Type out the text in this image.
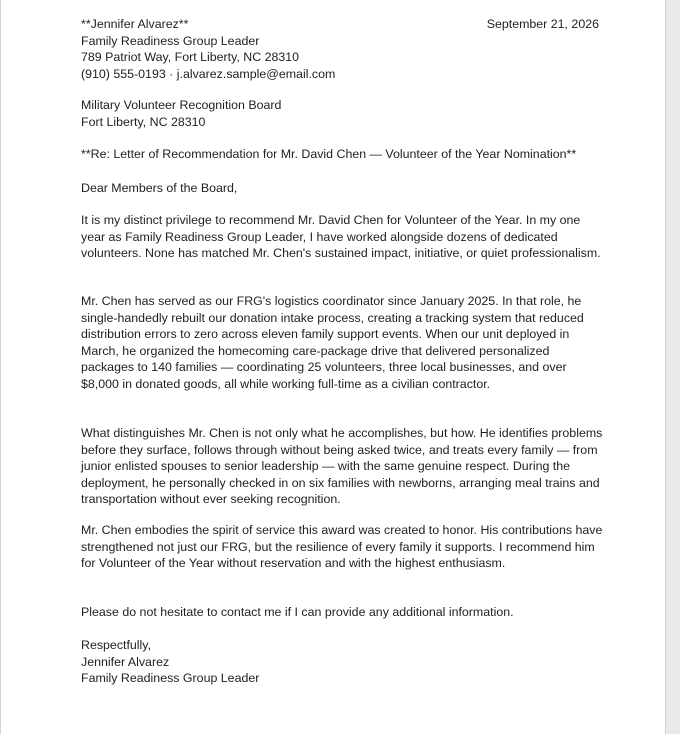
September 21, 2026
**Jennifer Alvarez**
Family Readiness Group Leader
789 Patriot Way, Fort Liberty, NC 28310
(910) 555-0193 · j.alvarez.sample@email.com
Military Volunteer Recognition Board
Fort Liberty, NC 28310
**Re: Letter of Recommendation for Mr. David Chen — Volunteer of the Year Nomination**
Dear Members of the Board,

It is my distinct privilege to recommend Mr. David Chen for Volunteer of the Year. In my one year as Family Readiness Group Leader, I have worked alongside dozens of dedicated volunteers. None has matched Mr. Chen's sustained impact, initiative, or quiet professionalism.

Mr. Chen has served as our FRG's logistics coordinator since January 2025. In that role, he single-handedly rebuilt our donation intake process, creating a tracking system that reduced distribution errors to zero across eleven family support events. When our unit deployed in March, he organized the homecoming care-package drive that delivered personalized packages to 140 families — coordinating 25 volunteers, three local businesses, and over $8,000 in donated goods, all while working full-time as a civilian contractor.

What distinguishes Mr. Chen is not only what he accomplishes, but how. He identifies problems before they surface, follows through without being asked twice, and treats every family — from junior enlisted spouses to senior leadership — with the same genuine respect. During the deployment, he personally checked in on six families with newborns, arranging meal trains and transportation without ever seeking recognition.

Mr. Chen embodies the spirit of service this award was created to honor. His contributions have strengthened not just our FRG, but the resilience of every family it supports. I recommend him for Volunteer of the Year without reservation and with the highest enthusiasm.

Please do not hesitate to contact me if I can provide any additional information.

Respectfully,
Jennifer Alvarez
Family Readiness Group Leader
